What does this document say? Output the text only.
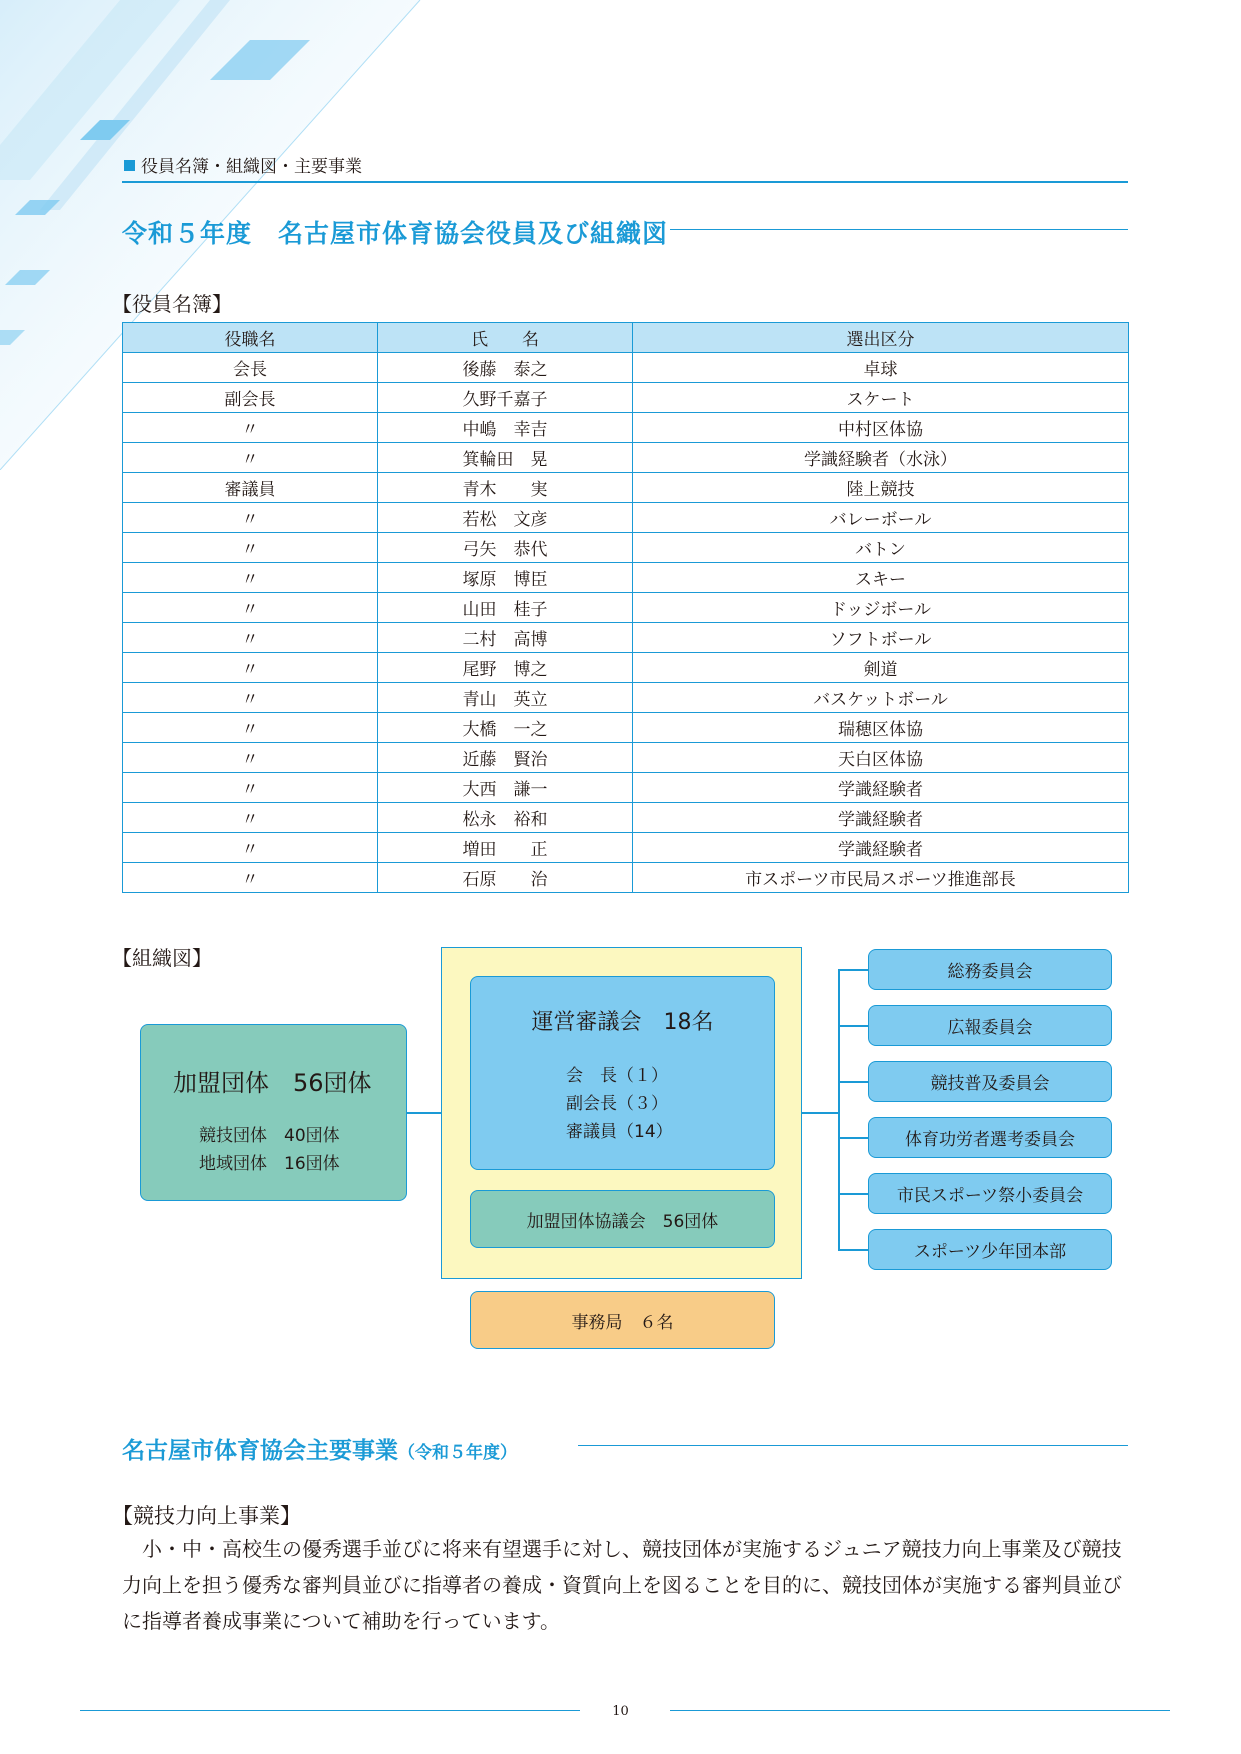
役員名簿・組織図・主要事業
令和５年度　名古屋市体育協会役員及び組織図
【役員名簿】
役職名	氏　　名	選出区分
会長	後藤　泰之	卓球
副会長	久野千嘉子	スケート
〃	中嶋　幸吉	中村区体協
〃	箕輪田　晃	学識経験者（水泳）
審議員	青木　　実	陸上競技
〃	若松　文彦	バレーボール
〃	弓矢　恭代	バトン
〃	塚原　博臣	スキー
〃	山田　桂子	ドッジボール
〃	二村　高博	ソフトボール
〃	尾野　博之	剣道
〃	青山　英立	バスケットボール
〃	大橋　一之	瑞穂区体協
〃	近藤　賢治	天白区体協
〃	大西　謙一	学識経験者
〃	松永　裕和	学識経験者
〃	増田　　正	学識経験者
〃	石原　　治	市スポーツ市民局スポーツ推進部長
【組織図】
加盟団体　56団体
競技団体　40団体
地域団体　16団体
運営審議会　18名
会　長（１）
副会長（３）
審議員（14）
加盟団体協議会　56団体
事務局　６名
総務委員会
広報委員会
競技普及委員会
体育功労者選考委員会
市民スポーツ祭小委員会
スポーツ少年団本部
名古屋市体育協会主要事業（令和５年度）
【競技力向上事業】
　小・中・高校生の優秀選手並びに将来有望選手に対し、競技団体が実施するジュニア競技力向上事業及び競技力向上を担う優秀な審判員並びに指導者の養成・資質向上を図ることを目的に、競技団体が実施する審判員並びに指導者養成事業について補助を行っています。
10
